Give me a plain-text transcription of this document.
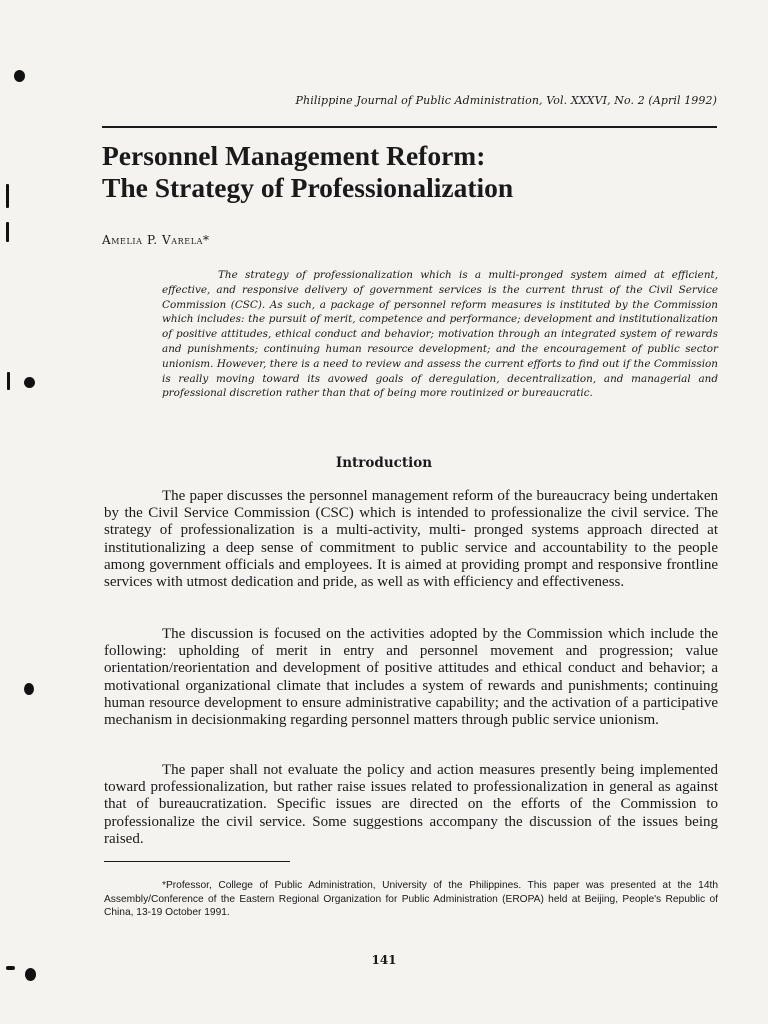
Philippine Journal of Public Administration, Vol. XXXVI, No. 2 (April 1992)
Personnel Management Reform:
The Strategy of Professionalization
Amelia P. Varela*

The strategy of professionalization which is a multi-pronged system aimed at efficient, effective, and responsive delivery of government services is the current thrust of the Civil Service Commission (CSC). As such, a package of personnel reform measures is instituted by the Commission which includes: the pursuit of merit, competence and performance; development and institutionalization of positive attitudes, ethical conduct and behavior; motivation through an integrated system of rewards and punishments; continuing human resource development; and the encouragement of public sector unionism. However, there is a need to review and assess the current efforts to find out if the Commission is really moving toward its avowed goals of deregulation, decentralization, and managerial and professional discretion rather than that of being more routinized or bureaucratic.

Introduction

The paper discusses the personnel management reform of the bureaucracy being undertaken by the Civil Service Commission (CSC) which is intended to professionalize the civil service. The strategy of professionalization is a multi-activity, multi- pronged systems approach directed at institutionalizing a deep sense of commitment to public service and accountability to the people among government officials and employees. It is aimed at providing prompt and responsive frontline services with utmost dedication and pride, as well as with efficiency and effectiveness.

The discussion is focused on the activities adopted by the Commission which include the following: upholding of merit in entry and personnel movement and progression; value orientation/reorientation and development of positive attitudes and ethical conduct and behavior; a motivational organizational climate that includes a system of rewards and punishments; continuing human resource development to ensure administrative capability; and the activation of a participative mechanism in decisionmaking regarding personnel matters through public service unionism.

The paper shall not evaluate the policy and action measures presently being implemented toward professionalization, but rather raise issues related to professionalization in general as against that of bureaucratization. Specific issues are directed on the efforts of the Commission to professionalize the civil service. Some suggestions accompany the discussion of the issues being raised.

*Professor, College of Public Administration, University of the Philippines. This paper was presented at the 14th Assembly/Conference of the Eastern Regional Organization for Public Administration (EROPA) held at Beijing, People's Republic of China, 13-19 October 1991.

141
